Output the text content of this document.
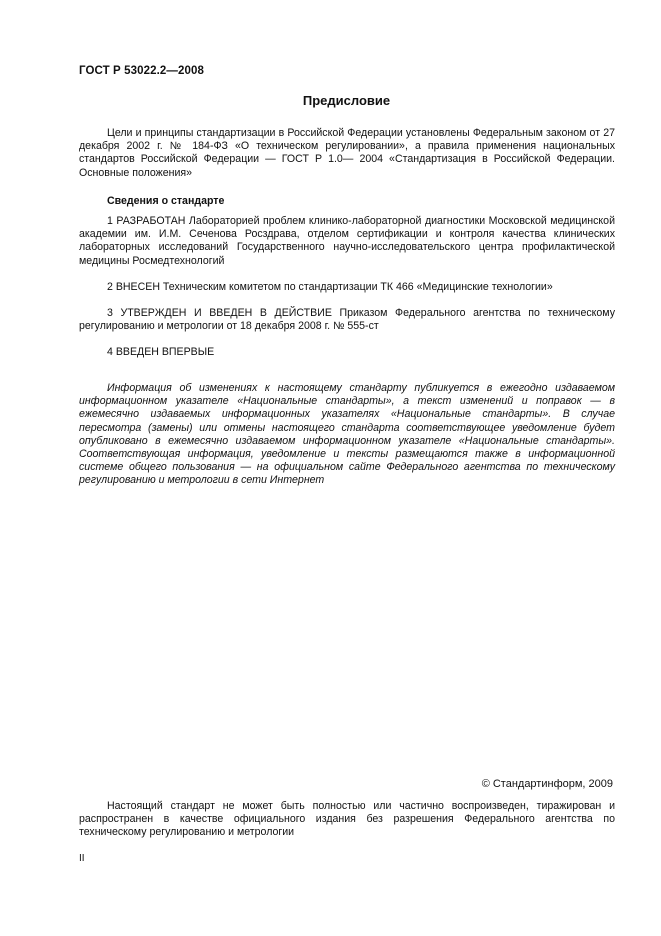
ГОСТ Р 53022.2—2008
Предисловие

Цели и принципы стандартизации в Российской Федерации установлены Федеральным законом от 27 декабря 2002 г. № 184-ФЗ «О техническом регулировании», а правила применения национальных стандартов Российской Федерации — ГОСТ Р 1.0— 2004 «Стандартизация в Российской Федерации. Основные положения»

Сведения о стандарте

1 РАЗРАБОТАН Лабораторией проблем клинико-лабораторной диагностики Московской медицинской академии им. И.М. Сеченова Росздрава, отделом сертификации и контроля качества клинических лабораторных исследований Государственного научно-исследовательского центра профилактической медицины Росмедтехнологий

2 ВНЕСЕН Техническим комитетом по стандартизации ТК 466 «Медицинские технологии»

3 УТВЕРЖДЕН И ВВЕДЕН В ДЕЙСТВИЕ Приказом Федерального агентства по техническому регулированию и метрологии от 18 декабря 2008 г. № 555-ст

4 ВВЕДЕН ВПЕРВЫЕ

Информация об изменениях к настоящему стандарту публикуется в ежегодно издаваемом информационном указателе «Национальные стандарты», а текст изменений и поправок — в ежемесячно издаваемых информационных указателях «Национальные стандарты». В случае пересмотра (замены) или отмены настоящего стандарта соответствующее уведомление будет опубликовано в ежемесячно издаваемом информационном указателе «Национальные стандарты». Соответствующая информация, уведомление и тексты размещаются также в информационной системе общего пользования — на официальном сайте Федерального агентства по техническому регулированию и метрологии в сети Интернет

© Стандартинформ, 2009

Настоящий стандарт не может быть полностью или частично воспроизведен, тиражирован и распространен в качестве официального издания без разрешения Федерального агентства по техническому регулированию и метрологии

II
